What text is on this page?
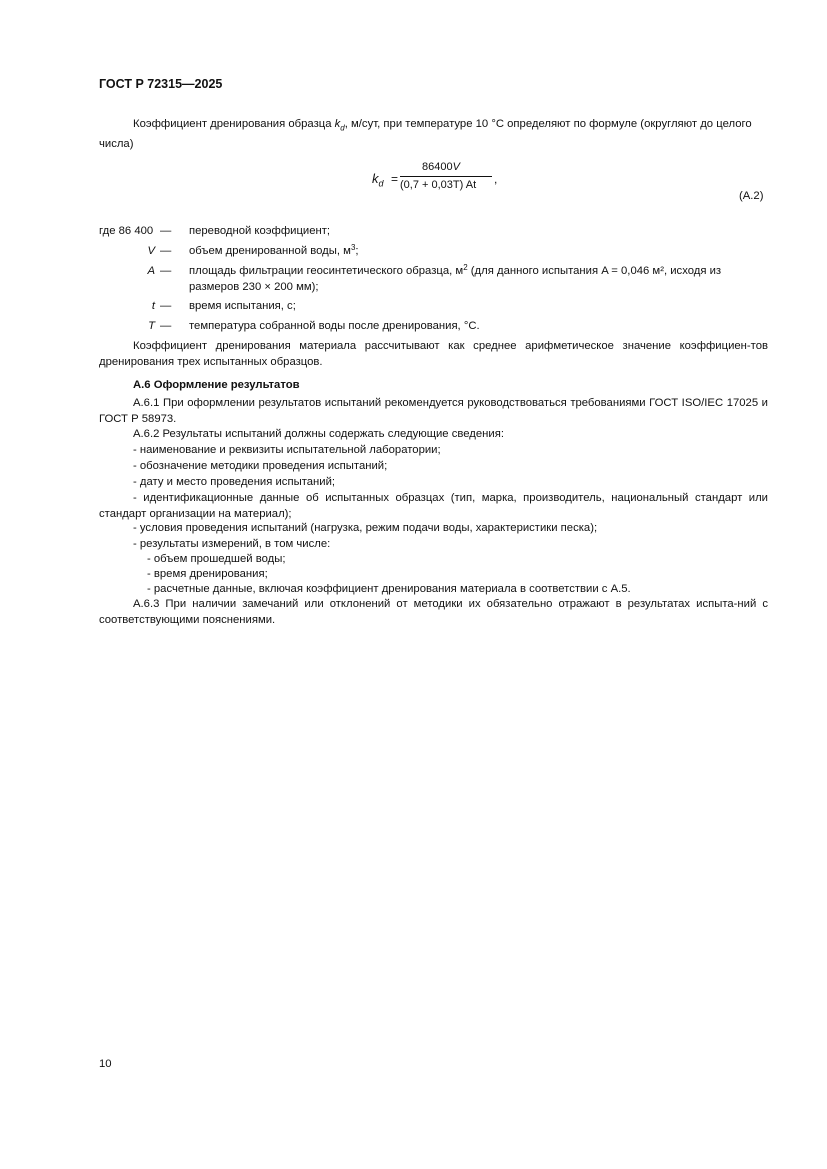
ГОСТ Р 72315—2025
Коэффициент дренирования образца $k_d$, м/сут, при температуре 10 °С определяют по формуле (округляют до целого числа)
$k_d$ =
86400V
(0,7 + 0,03T) At ,
(А.2)
где 86 400 — переводной коэффициент;
V — объем дренированной воды, $м^3$;
A — площадь фильтрации геосинтетического образца, $м^2$ (для данного испытания A = 0,046 м², исходя из размеров 230 × 200 мм);
t — время испытания, с;
T — температура собранной воды после дренирования, °С.
Коэффициент дренирования материала рассчитывают как среднее арифметическое значение коэффициен-тов дренирования трех испытанных образцов.
А.6 Оформление результатов
А.6.1 При оформлении результатов испытаний рекомендуется руководствоваться требованиями ГОСТ ISO/IEC 17025 и ГОСТ Р 58973.
А.6.2 Результаты испытаний должны содержать следующие сведения:
- наименование и реквизиты испытательной лаборатории;
- обозначение методики проведения испытаний;
- дату и место проведения испытаний;
- идентификационные данные об испытанных образцах (тип, марка, производитель, национальный стандарт или стандарт организации на материал);
- условия проведения испытаний (нагрузка, режим подачи воды, характеристики песка);
- результаты измерений, в том числе:
- объем прошедшей воды;
- время дренирования;
- расчетные данные, включая коэффициент дренирования материала в соответствии с А.5.
А.6.3 При наличии замечаний или отклонений от методики их обязательно отражают в результатах испыта-ний с соответствующими пояснениями.
10
